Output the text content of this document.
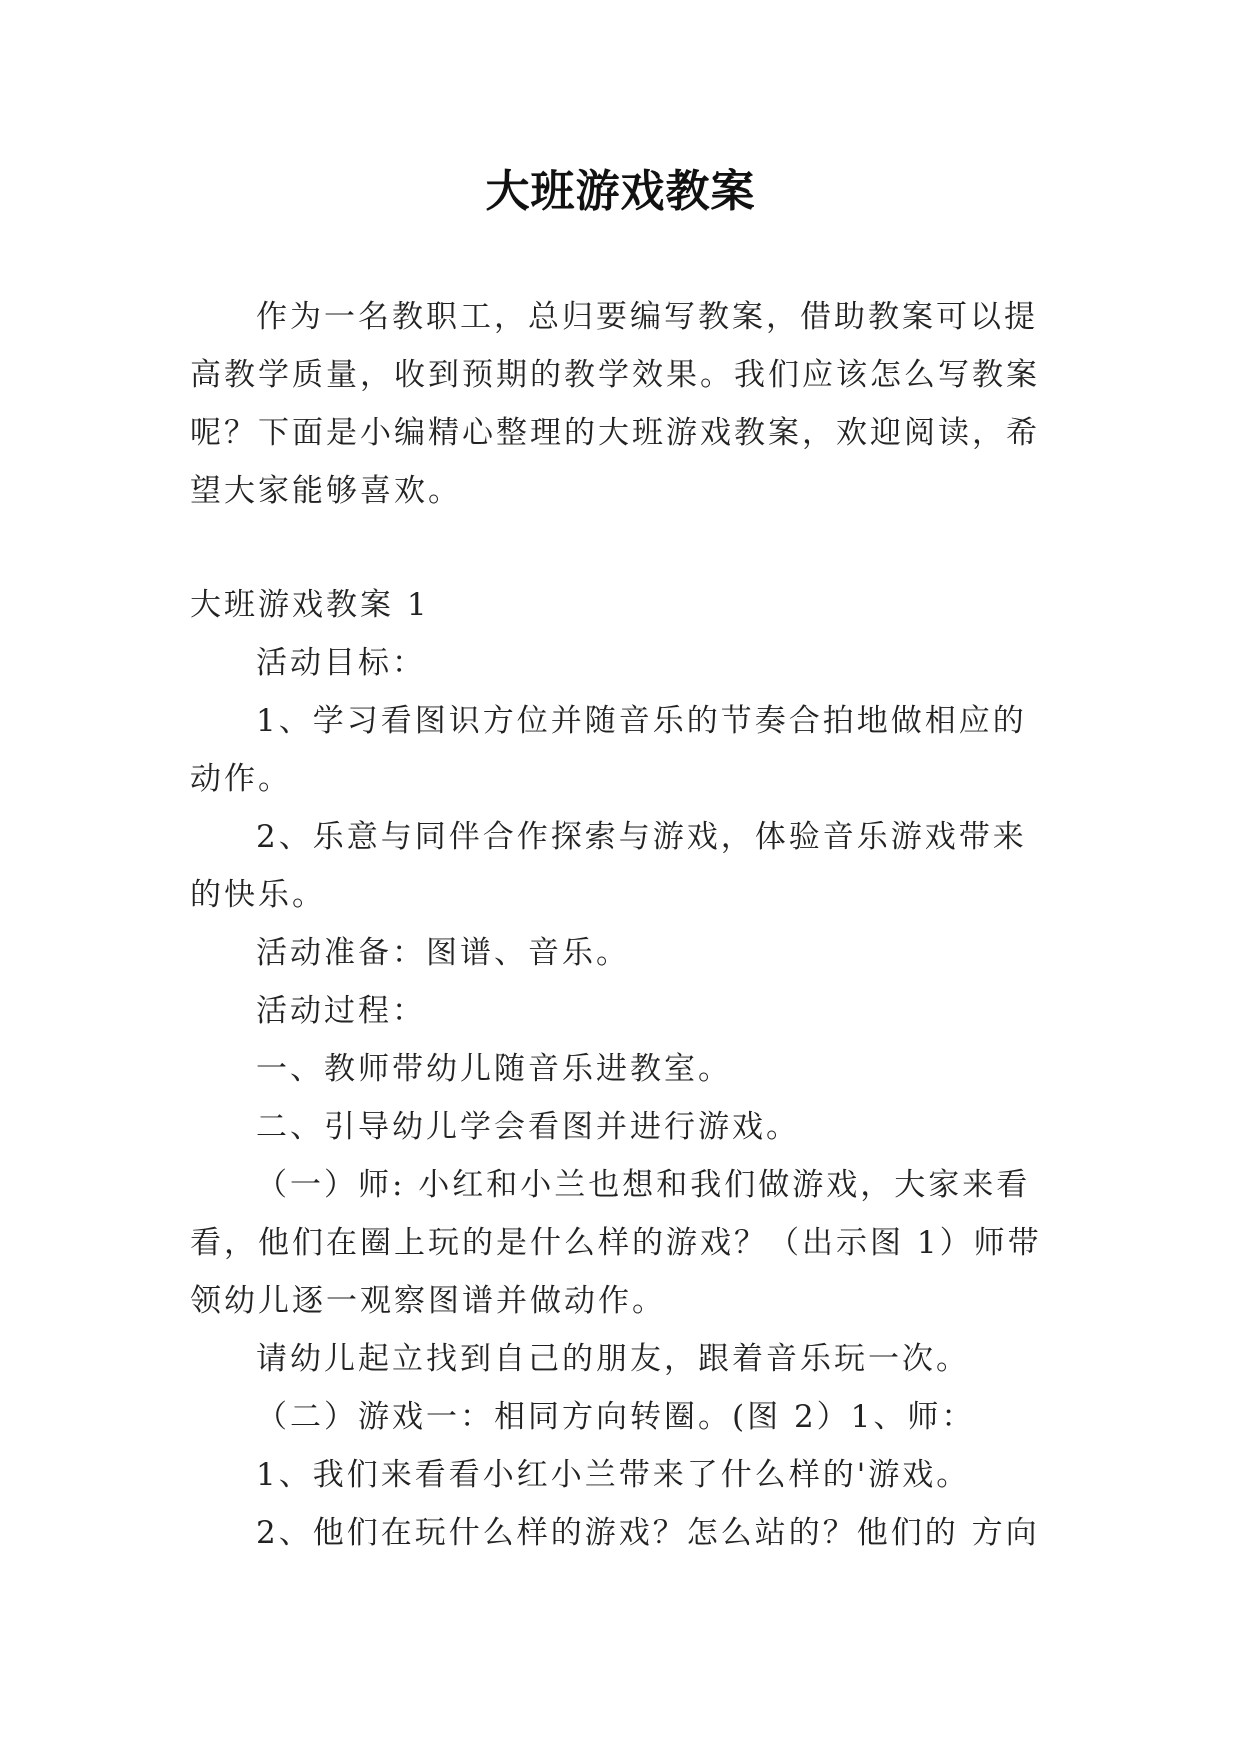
大班游戏教案

作为一名教职工，总归要编写教案，借助教案可以提高教学质量，收到预期的教学效果。我们应该怎么写教案呢？下面是小编精心整理的大班游戏教案，欢迎阅读，希望大家能够喜欢。

大班游戏教案 1

活动目标：

1、学习看图识方位并随音乐的节奏合拍地做相应的动作。

2、乐意与同伴合作探索与游戏，体验音乐游戏带来的快乐。

活动准备：图谱、音乐。

活动过程：

一、教师带幼儿随音乐进教室。

二、引导幼儿学会看图并进行游戏。

（一）师: 小红和小兰也想和我们做游戏，大家来看看，他们在圈上玩的是什么样的游戏？（出示图 1）师带领幼儿逐一观察图谱并做动作。

请幼儿起立找到自己的朋友，跟着音乐玩一次。

（二）游戏一：相同方向转圈。(图 2）1、师：

1、我们来看看小红小兰带来了什么样的'游戏。

2、他们在玩什么样的游戏？怎么站的？他们的 方向
